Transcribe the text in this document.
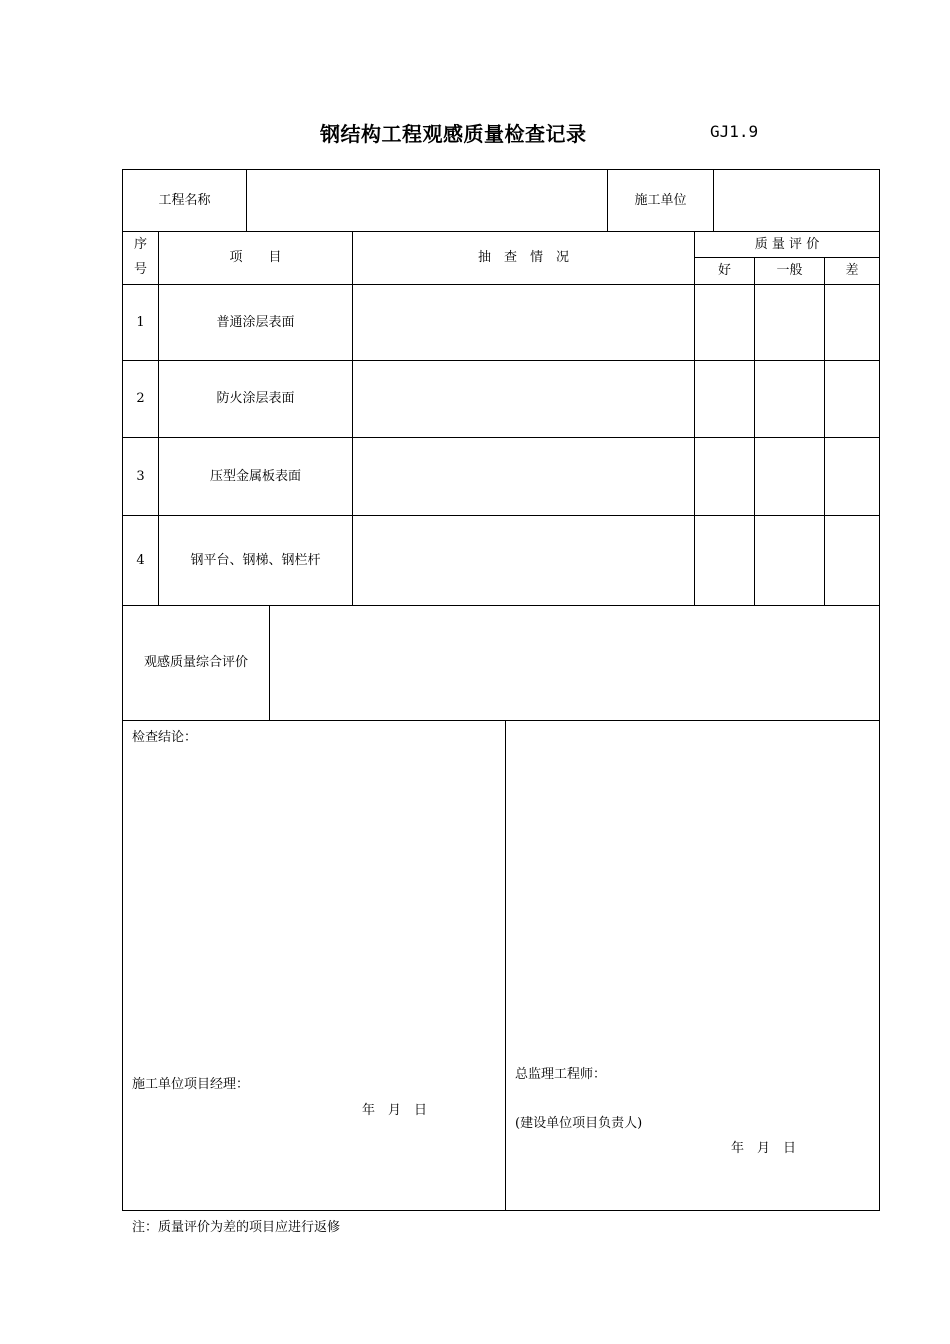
钢结构工程观感质量检查记录	GJ1.9
工程名称	施工单位
序
号
项　　目	抽　查　情　况
质 量 评 价
好	一般	差
1	普通涂层表面
2	防火涂层表面
3	压型金属板表面
4	钢平台、钢梯、钢栏杆
观感质量综合评价
检查结论：
施工单位项目经理：
年　月　日
总监理工程师：
(建设单位项目负责人)
年　月　日
注：质量评价为差的项目应进行返修
